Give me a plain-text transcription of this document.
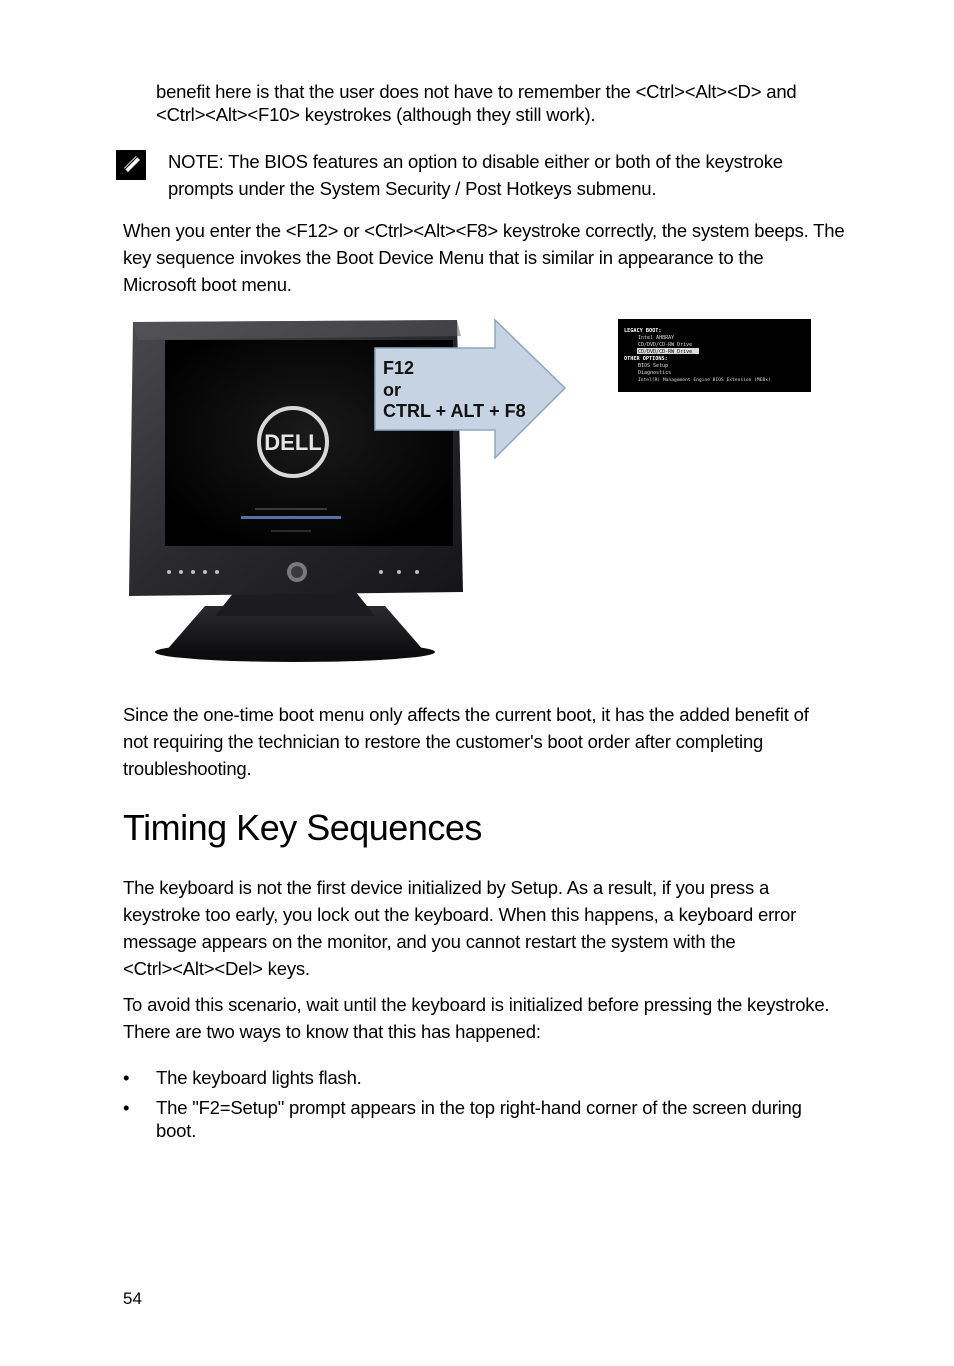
benefit here is that the user does not have to remember the <Ctrl><Alt><D> and
<Ctrl><Alt><F10> keystrokes (although they still work).
NOTE: The BIOS features an option to disable either or both of the keystroke
prompts under the System Security / Post Hotkeys submenu.
When you enter the <F12> or <Ctrl><Alt><F8> keystroke correctly, the system beeps. The
key sequence invokes the Boot Device Menu that is similar in appearance to the
Microsoft boot menu.
DELL
F12
or
CTRL + ALT + F8
LEGACY BOOT:
Intel AHBRAY
CD/DVD/CD-RW Drive
CD/DVD/CD-RW Drive
OTHER OPTIONS:
BIOS Setup
Diagnostics
Intel(R) Management Engine BIOS Extension (MEBx)
Since the one-time boot menu only affects the current boot, it has the added benefit of
not requiring the technician to restore the customer's boot order after completing
troubleshooting.
Timing Key Sequences
The keyboard is not the first device initialized by Setup. As a result, if you press a
keystroke too early, you lock out the keyboard. When this happens, a keyboard error
message appears on the monitor, and you cannot restart the system with the
<Ctrl><Alt><Del> keys.
To avoid this scenario, wait until the keyboard is initialized before pressing the keystroke.
There are two ways to know that this has happened:
• The keyboard lights flash.
• The "F2=Setup" prompt appears in the top right-hand corner of the screen during
boot.
54
